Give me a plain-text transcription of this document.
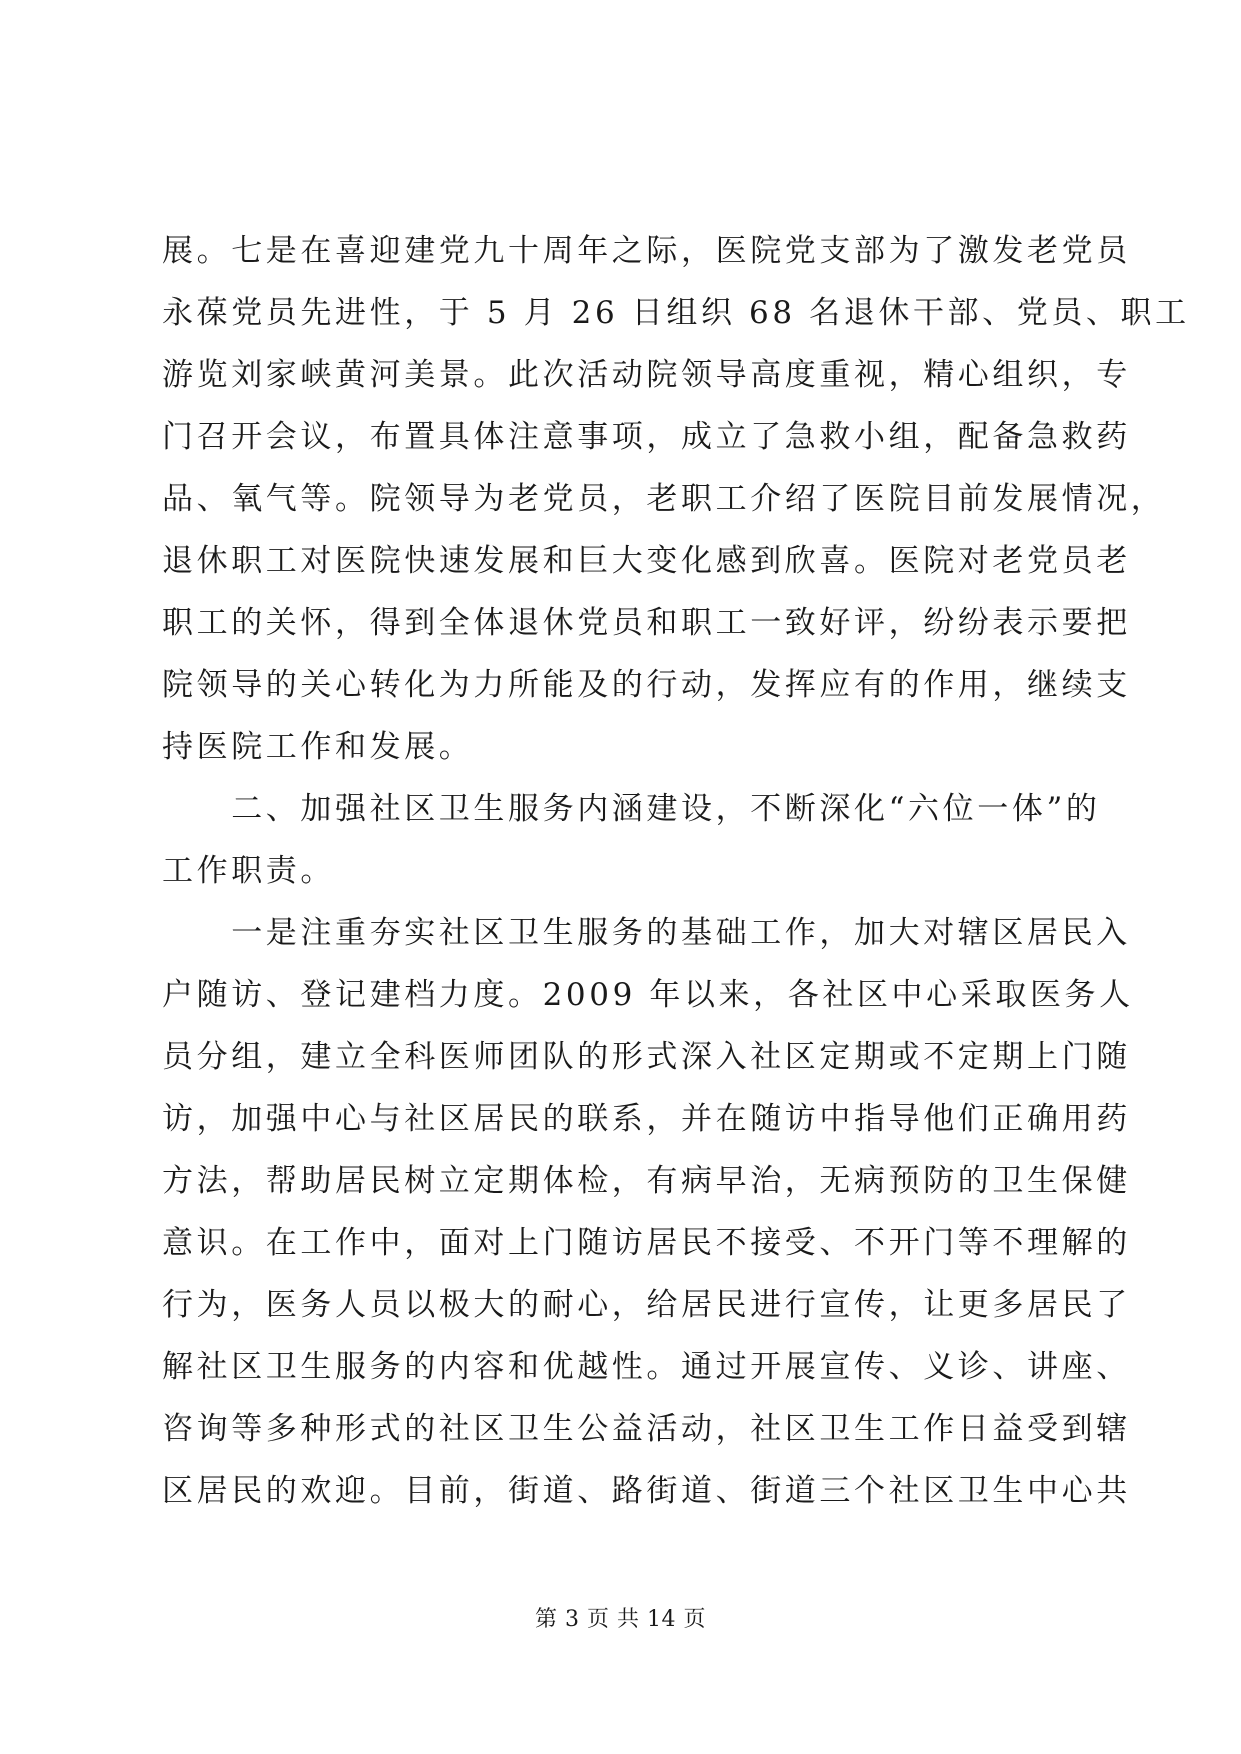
展。七是在喜迎建党九十周年之际，医院党支部为了激发老党员
永葆党员先进性，于 5 月 26 日组织 68 名退休干部、党员、职工
游览刘家峡黄河美景。此次活动院领导高度重视，精心组织，专
门召开会议，布置具体注意事项，成立了急救小组，配备急救药
品、氧气等。院领导为老党员，老职工介绍了医院目前发展情况，
退休职工对医院快速发展和巨大变化感到欣喜。医院对老党员老
职工的关怀，得到全体退休党员和职工一致好评，纷纷表示要把
院领导的关心转化为力所能及的行动，发挥应有的作用，继续支
持医院工作和发展。
　　二、加强社区卫生服务内涵建设，不断深化“六位一体”的
工作职责。
　　一是注重夯实社区卫生服务的基础工作，加大对辖区居民入
户随访、登记建档力度。2009 年以来，各社区中心采取医务人
员分组，建立全科医师团队的形式深入社区定期或不定期上门随
访，加强中心与社区居民的联系，并在随访中指导他们正确用药
方法，帮助居民树立定期体检，有病早治，无病预防的卫生保健
意识。在工作中，面对上门随访居民不接受、不开门等不理解的
行为，医务人员以极大的耐心，给居民进行宣传，让更多居民了
解社区卫生服务的内容和优越性。通过开展宣传、义诊、讲座、
咨询等多种形式的社区卫生公益活动，社区卫生工作日益受到辖
区居民的欢迎。目前，街道、路街道、街道三个社区卫生中心共
第 3 页 共 14 页
